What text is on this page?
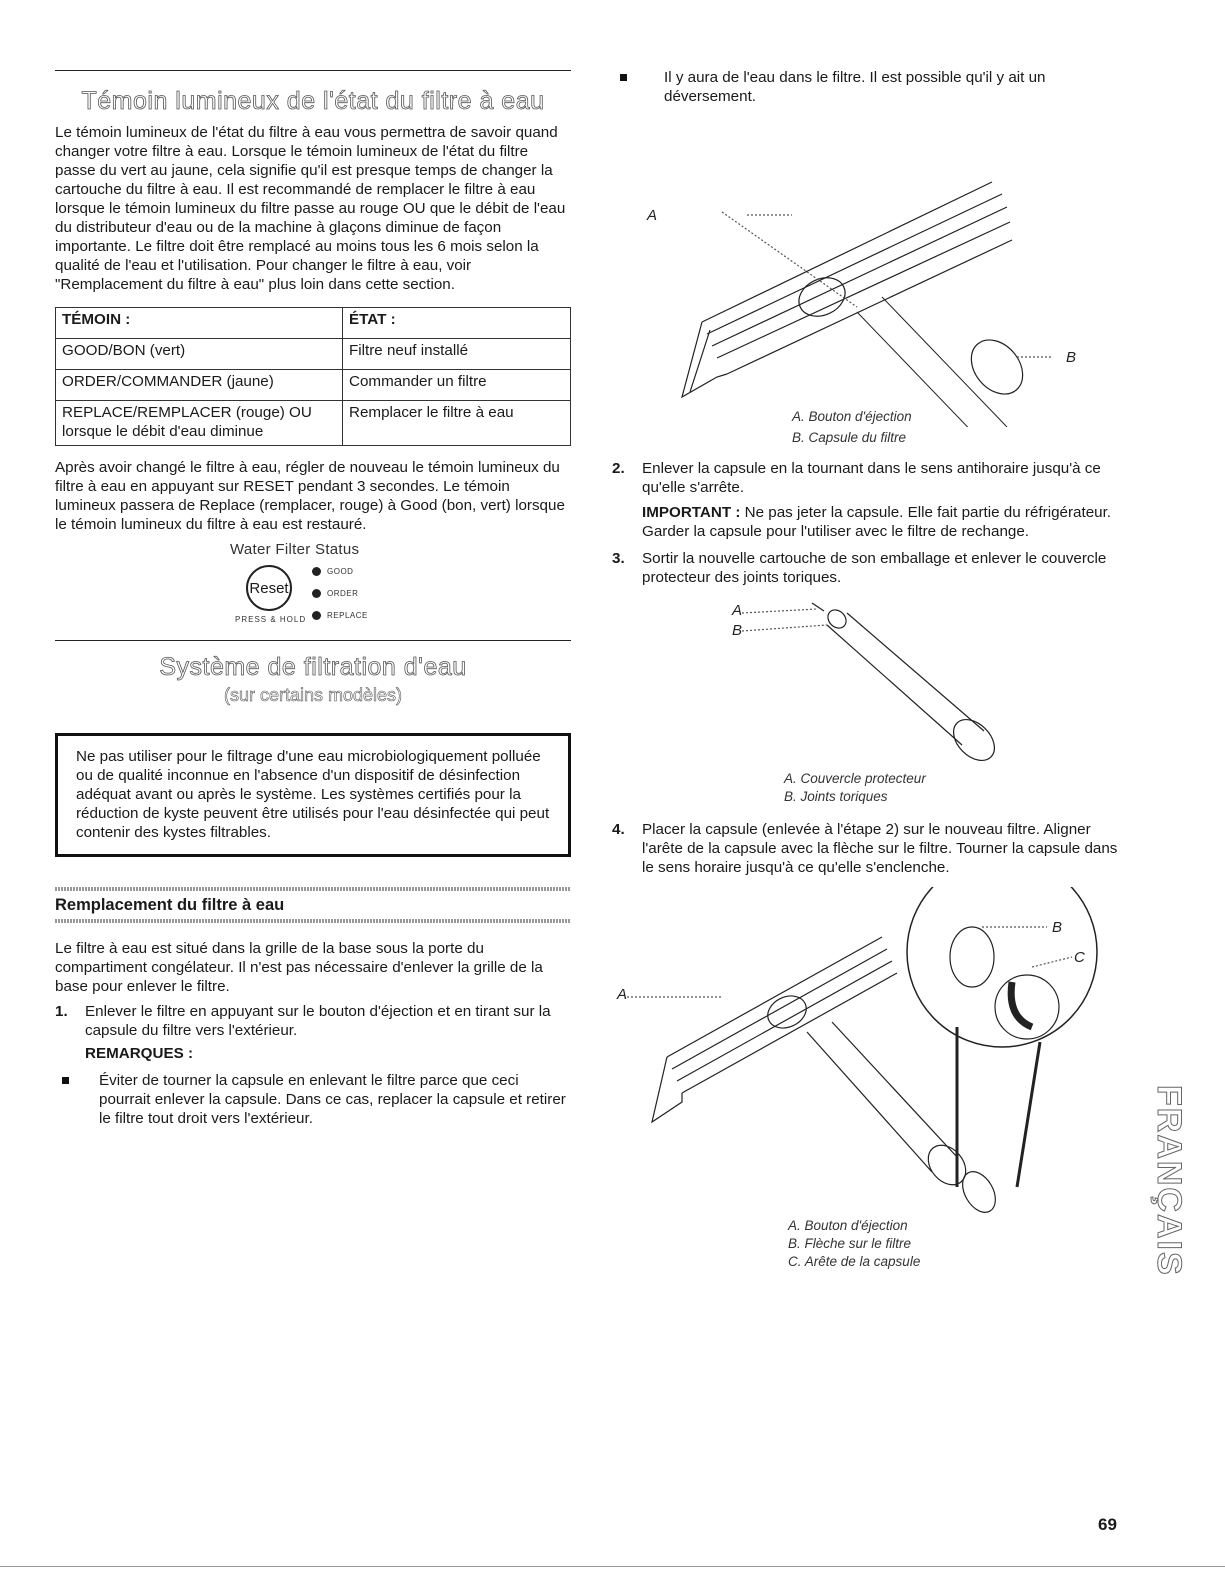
Témoin lumineux de l'état du filtre à eau

Le témoin lumineux de l'état du filtre à eau vous permettra de savoir quand changer votre filtre à eau. Lorsque le témoin lumineux de l'état du filtre passe du vert au jaune, cela signifie qu'il est presque temps de changer la cartouche du filtre à eau. Il est recommandé de remplacer le filtre à eau lorsque le témoin lumineux du filtre passe au rouge OU que le débit de l'eau du distributeur d'eau ou de la machine à glaçons diminue de façon importante. Le filtre doit être remplacé au moins tous les 6 mois selon la qualité de l'eau et l'utilisation. Pour changer le filtre à eau, voir "Remplacement du filtre à eau" plus loin dans cette section.

TÉMOIN :	ÉTAT :
GOOD/BON (vert)	Filtre neuf installé
ORDER/COMMANDER (jaune)	Commander un filtre
REPLACE/REMPLACER (rouge) OU lorsque le débit d'eau diminue	Remplacer le filtre à eau

Après avoir changé le filtre à eau, régler de nouveau le témoin lumineux du filtre à eau en appuyant sur RESET pendant 3 secondes. Le témoin lumineux passera de Replace (remplacer, rouge) à Good (bon, vert) lorsque le témoin lumineux du filtre à eau est restauré.

Water Filter Status
Reset
PRESS & HOLD
GOOD
ORDER
REPLACE
Système de filtration d'eau
(sur certains modèles)

Ne pas utiliser pour le filtrage d'une eau microbiologiquement polluée ou de qualité inconnue en l'absence d'un dispositif de désinfection adéquat avant ou après le système. Les systèmes certifiés pour la réduction de kyste peuvent être utilisés pour l'eau désinfectée qui peut contenir des kystes filtrables.

Remplacement du filtre à eau

Le filtre à eau est situé dans la grille de la base sous la porte du compartiment congélateur. Il n'est pas nécessaire d'enlever la grille de la base pour enlever le filtre.

1. Enlever le filtre en appuyant sur le bouton d'éjection et en tirant sur la capsule du filtre vers l'extérieur.
REMARQUES :
Éviter de tourner la capsule en enlevant le filtre parce que ceci pourrait enlever la capsule. Dans ce cas, replacer la capsule et retirer le filtre tout droit vers l'extérieur.
Il y aura de l'eau dans le filtre. Il est possible qu'il y ait un déversement.
A
B
A. Bouton d'éjection
B. Capsule du filtre
2. Enlever la capsule en la tournant dans le sens antihoraire jusqu'à ce qu'elle s'arrête.
IMPORTANT : Ne pas jeter la capsule. Elle fait partie du réfrigérateur. Garder la capsule pour l'utiliser avec le filtre de rechange.
3. Sortir la nouvelle cartouche de son emballage et enlever le couvercle protecteur des joints toriques.
A
B
A. Couvercle protecteur
B. Joints toriques
4. Placer la capsule (enlevée à l'étape 2) sur le nouveau filtre. Aligner l'arête de la capsule avec la flèche sur le filtre. Tourner la capsule dans le sens horaire jusqu'à ce qu'elle s'enclenche.
A
B
C
A. Bouton d'éjection
B. Flèche sur le filtre
C. Arête de la capsule	FRANÇAIS
69
